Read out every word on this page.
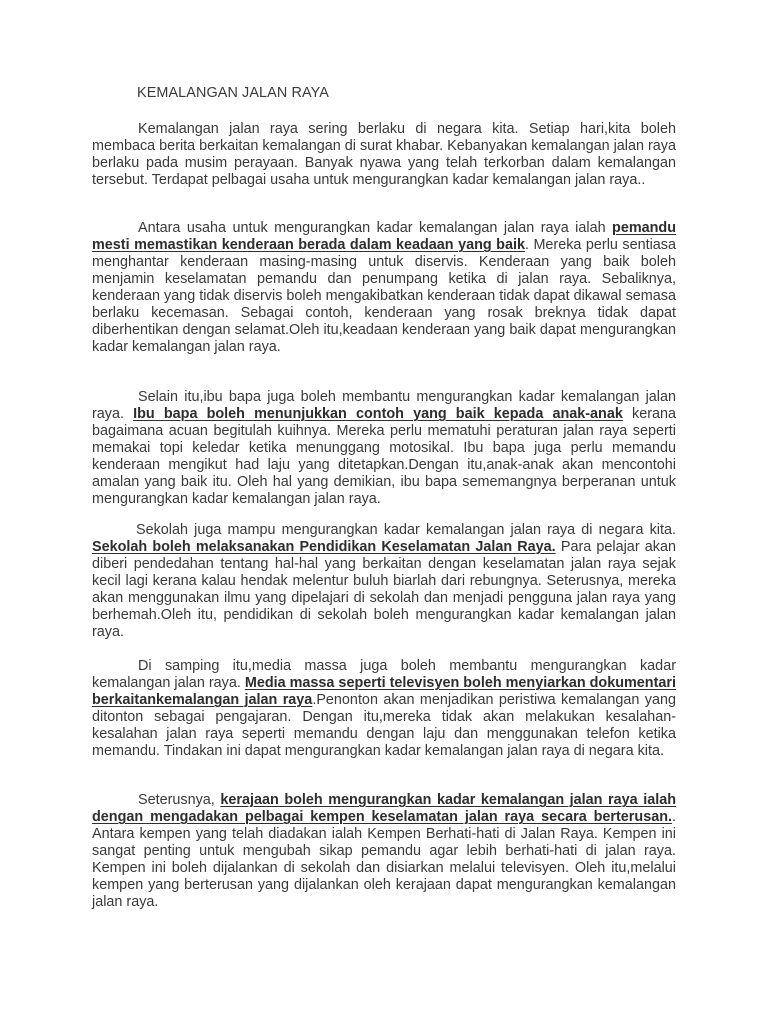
KEMALANGAN JALAN RAYA

Kemalangan jalan raya sering berlaku di negara kita. Setiap hari,kita boleh membaca berita berkaitan kemalangan di surat khabar. Kebanyakan kemalangan jalan raya berlaku pada musim perayaan. Banyak nyawa yang telah terkorban dalam kemalangan tersebut. Terdapat pelbagai usaha untuk mengurangkan kadar kemalangan jalan raya..

Antara usaha untuk mengurangkan kadar kemalangan jalan raya ialah pemandu mesti memastikan kenderaan berada dalam keadaan yang baik. Mereka perlu sentiasa menghantar kenderaan masing-masing untuk diservis. Kenderaan yang baik boleh menjamin keselamatan pemandu dan penumpang ketika di jalan raya. Sebaliknya, kenderaan yang tidak diservis boleh mengakibatkan kenderaan tidak dapat dikawal semasa berlaku kecemasan. Sebagai contoh, kenderaan yang rosak breknya tidak dapat diberhentikan dengan selamat.Oleh itu,keadaan kenderaan yang baik dapat mengurangkan kadar kemalangan jalan raya.

Selain itu,ibu bapa juga boleh membantu mengurangkan kadar kemalangan jalan raya. Ibu bapa boleh menunjukkan contoh yang baik kepada anak-anak kerana bagaimana acuan begitulah kuihnya. Mereka perlu mematuhi peraturan jalan raya seperti memakai topi keledar ketika menunggang motosikal. Ibu bapa juga perlu memandu kenderaan mengikut had laju yang ditetapkan.Dengan itu,anak-anak akan mencontohi amalan yang baik itu. Oleh hal yang demikian, ibu bapa sememangnya berperanan untuk mengurangkan kadar kemalangan jalan raya.

Sekolah juga mampu mengurangkan kadar kemalangan jalan raya di negara kita. Sekolah boleh melaksanakan Pendidikan Keselamatan Jalan Raya. Para pelajar akan diberi pendedahan tentang hal-hal yang berkaitan dengan keselamatan jalan raya sejak kecil lagi kerana kalau hendak melentur buluh biarlah dari rebungnya. Seterusnya, mereka akan menggunakan ilmu yang dipelajari di sekolah dan menjadi pengguna jalan raya yang berhemah.Oleh itu, pendidikan di sekolah boleh mengurangkan kadar kemalangan jalan raya.

Di samping itu,media massa juga boleh membantu mengurangkan kadar kemalangan jalan raya. Media massa seperti televisyen boleh menyiarkan dokumentari berkaitankemalangan jalan raya.Penonton akan menjadikan peristiwa kemalangan yang ditonton sebagai pengajaran. Dengan itu,mereka tidak akan melakukan kesalahan-kesalahan jalan raya seperti memandu dengan laju dan menggunakan telefon ketika memandu. Tindakan ini dapat mengurangkan kadar kemalangan jalan raya di negara kita.

Seterusnya, kerajaan boleh mengurangkan kadar kemalangan jalan raya ialah dengan mengadakan pelbagai kempen keselamatan jalan raya secara berterusan.. Antara kempen yang telah diadakan ialah Kempen Berhati-hati di Jalan Raya. Kempen ini sangat penting untuk mengubah sikap pemandu agar lebih berhati-hati di jalan raya. Kempen ini boleh dijalankan di sekolah dan disiarkan melalui televisyen. Oleh itu,melalui kempen yang berterusan yang dijalankan oleh kerajaan dapat mengurangkan kemalangan jalan raya.
